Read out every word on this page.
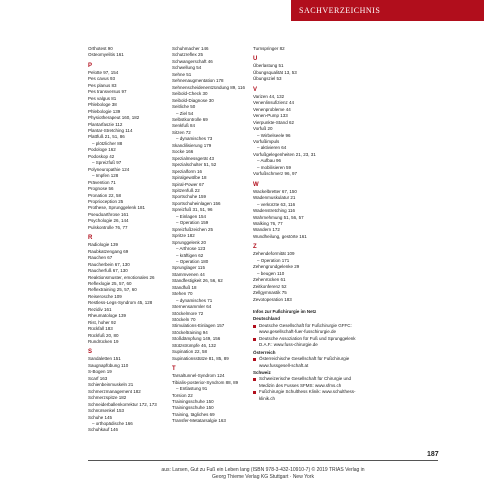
SACHVERZEICHNIS
Orthotest 90
Osteomyelitis 161
P
Pelotte 97, 154
Pes cavus 93
Pes planus 83
Pes transversus 97
Pes valgus 81
Phlebologe 38
Phlebologie 139
Physiotherapeut 160, 182
Plantarfaszie 112
Plantar-Stretching 114
Plattfuß 21, 51, 86
– plötzlicher 88
Podologe 162
Podoskop 42
– Spreizfuß 97
Polyneuropathie 124
– Impfen 128
Prävention 71
Prognose 56
Pronation 22, 58
Proprioception 25
Prothese, Sprunggelenk 181
Pseudoarthrose 161
Psychologie 26, 144
Pulskontrolle 76, 77
R
Radiologie 139
Raubkatzengang 69
Rauchen 67
Raucherbein 67, 130
Raucherfuß 67, 130
Reaktionsmuster, emotionales 26
Reflexlogie 25, 57, 60
Reflextraining 25, 57, 60
Reiserosche 109
Restless-Legs-Syndrom 45, 128
Rezidiv 161
Rheumatologe 139
Rist, hoher 92
Rückfall 183
Rückfuß 20, 80
Rundrücken 19
S
Sandaletten 151
Saugnapfübung 110
S-Bogen 19
Scarf 163
Schienbeinmuskeln 21
Schmerzmanagement 182
Schmerzspitze 182
Schneiderballenkorrektur 172, 173
Schnürsenkel 153
Schuhe 145
– orthopädische 166
Schuhkauf 146
Schuhmacher 146
Schutzreflex 25
Schwangerschaft 46
Schwellung 54
Sehne 51
Sehnenaugmentation 178
Sehnenscheidenentzündung 89, 116
Seibold-Check 30
Seibold-Diagnose 30
Seitliche 50
– Ziel 54
Selbstkontrolle 69
Senkfuß 84
Sitzen 72
– dynamisches 73
Skandilisierung 179
Socke 166
Spezialmessgerät 43
Spezialschulter 51, 52
Spezialform 16
Spiralgewölbe 18
Spiral-Power 67
Spitzenfuß 22
Sportschuhe 159
Sportschuheinlagen 156
Spreizfuß 31, 51, 96
– Einlagen 154
– Operation 159
Spreizfußzeichen 25
Spritze 182
Sprunggelenk 20
– Arthrose 123
– kräftigen 62
– Operation 180
Sprunglager 115
Stammvenen 44
Standfestigkeit 26, 56, 62
Standfuß 18
Stehen 70
– dynamisches 71
Sternensammler 64
Stöckelmore 72
Stöckeln 70
Stimulations-Einlagen 157
Stöckeltraining 94
Stoßdämpfung 149, 156
Stützstrümpfe 46, 132
Supination 22, 58
Supinationsstütze 81, 85, 89
T
Tarsaltunnel-Syndrom 124
Tibialis-posterior-Syndrom 88, 89
– Entlastung 91
Torsion 22
Trainingsschuhe 150
Trainingsschuhe 150
Training, tägliches 69
Transfer-Metatarsalgie 163
Turnspringer 82
U
Überlastung 51
Übungsqualität 13, 53
Übungsziel 53
V
Varizen 44, 132
Venenlinsufizienz 44
Venenprobleme 44
Venen-Pump 133
Vierpunkte-Stand 62
Vorfuß 20
– Wirbelseele 96
Vorfußimpuls
– aktivieren 64
Vorfußgelegenheiten 21, 23, 31
– Aufbau 96
– mobilisieren 59
Vorfußschmerz 96, 97
W
Wackelbretter 67, 150
Wadenmuskulatur 21
– verkürzte 63, 116
Wadenstretching 116
Wahrnehmung 51, 56, 57
Walking 76, 77
Wandern 172
Wundheilung, gestörte 161
Z
Zehendeformität 109
– Operation 171
Zehengrundgelenke 29
– beugen 110
Zehenrücken 61
Zeitkonferenz 52
Zellgymnastik 75
Zevotoperation 183
Infos zur Fußchirurgie im Netz
Deutschland
Deutsche Gesellschaft für Fußchirurgie GFFC: www.gesellschaft-fuer-fusschirurgie.de
Deutsche Assoziation für Fuß und Sprunggelenk D.A.F.: www.fuss-chirurgie.de
Österreich
Österreichische Gesellschaft für Fußchirurgie www.fussgesell-schaft.at
Schweiz
Schweizerische Gesellschaft für Chirurgie und Medizin des Fusses SFMS: www.sfms.ch
Fußchirurgie Schulthess Klinik: www.schulthess-klinik.ch
187
aus: Larsen, Gut zu Fuß ein Leben lang (ISBN 978-3-432-10910-7) © 2019 TRIAS Verlag in
Georg Thieme Verlag KG Stuttgart · New York
